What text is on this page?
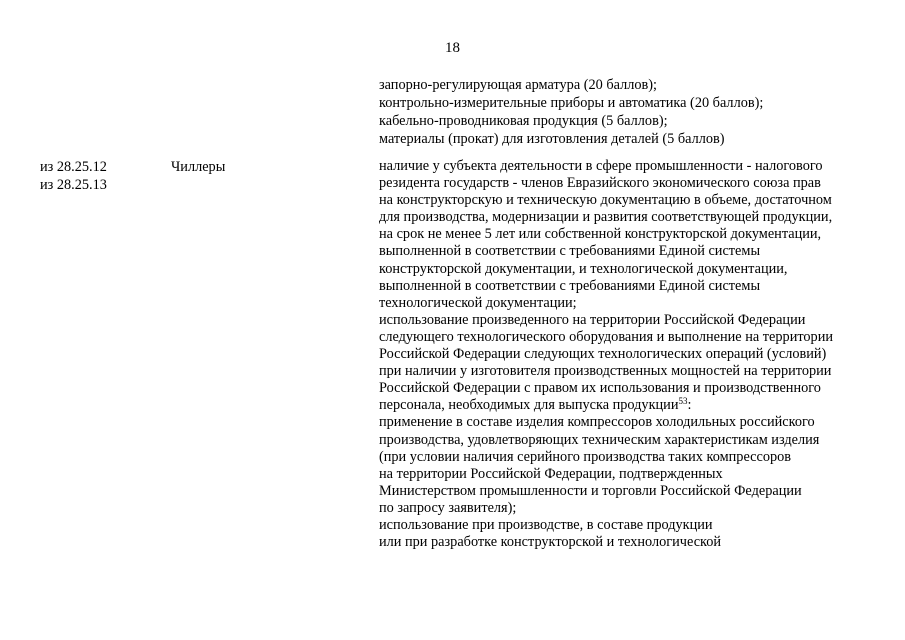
18
запорно-регулирующая арматура (20 баллов);
контрольно-измерительные приборы и автоматика (20 баллов);
кабельно-проводниковая продукция (5 баллов);
материалы (прокат) для изготовления деталей (5 баллов)
из 28.25.12
из 28.25.13
Чиллеры	наличие у субъекта деятельности в сфере промышленности - налогового
резидента государств - членов Евразийского экономического союза прав
на конструкторскую и техническую документацию в объеме, достаточном
для производства, модернизации и развития соответствующей продукции,
на срок не менее 5 лет или собственной конструкторской документации,
выполненной в соответствии с требованиями Единой системы
конструкторской документации, и технологической документации,
выполненной в соответствии с требованиями Единой системы
технологической документации;
использование произведенного на территории Российской Федерации
следующего технологического оборудования и выполнение на территории
Российской Федерации следующих технологических операций (условий)
при наличии у изготовителя производственных мощностей на территории
Российской Федерации с правом их использования и производственного
персонала, необходимых для выпуска продукции$^{53}$:
применение в составе изделия компрессоров холодильных российского
производства, удовлетворяющих техническим характеристикам изделия
(при условии наличия серийного производства таких компрессоров
на территории Российской Федерации, подтвержденных
Министерством промышленности и торговли Российской Федерации
по запросу заявителя);
использование при производстве, в составе продукции
или при разработке конструкторской и технологической
